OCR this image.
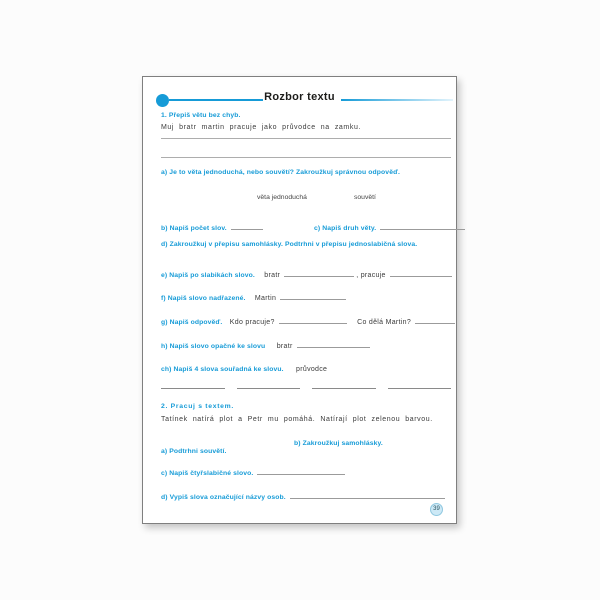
Rozbor textu
1. Přepiš větu bez chyb.
Muj bratr martin pracuje jako průvodce na zamku.
a) Je to věta jednoduchá, nebo souvětí? Zakroužkuj správnou odpověď.
věta jednoduchá	souvětí
b) Napiš počet slov.	c) Napiš druh věty.
d) Zakroužkuj v přepisu samohlásky. Podtrhni v přepisu jednoslabičná slova.
e) Napiš po slabikách slovo. bratr	, pracuje
f) Napiš slovo nadřazené. Martin
g) Napiš odpověď. Kdo pracuje?	Co dělá Martin?
h) Napiš slovo opačné ke slovu bratr
ch) Napiš 4 slova souřadná ke slovu. průvodce
2. Pracuj s textem.
Tatínek natírá plot a Petr mu pomáhá. Natírají plot zelenou barvou.
a) Podtrhni souvětí.
b) Zakroužkuj samohlásky.
c) Napiš čtyřslabičné slovo.
d) Vypiš slova označující názvy osob.
39
